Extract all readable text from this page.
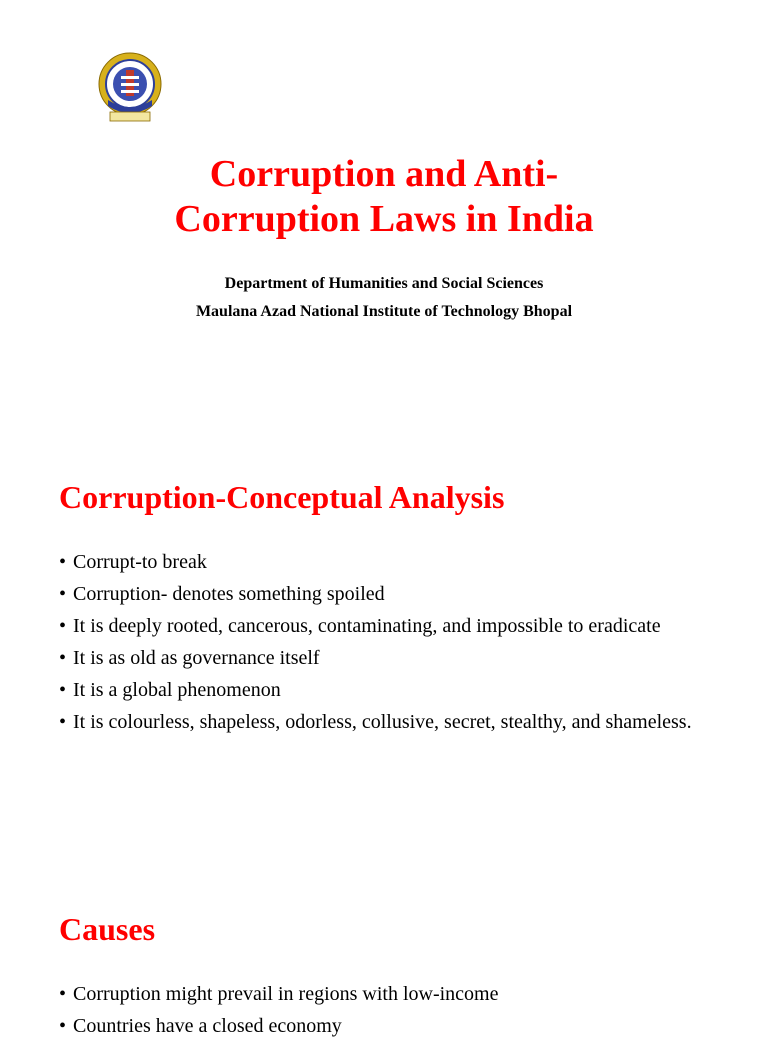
Corruption and Anti-
Corruption Laws in India

Department of Humanities and Social Sciences

Maulana Azad National Institute of Technology Bhopal

Corruption-Conceptual Analysis
• Corrupt-to break
• Corruption- denotes something spoiled
• It is deeply rooted, cancerous, contaminating, and impossible to eradicate
• It is as old as governance itself
• It is a global phenomenon
• It is colourless, shapeless, odorless, collusive, secret, stealthy, and shameless.
Causes
• Corruption might prevail in regions with low-income
• Countries have a closed economy
